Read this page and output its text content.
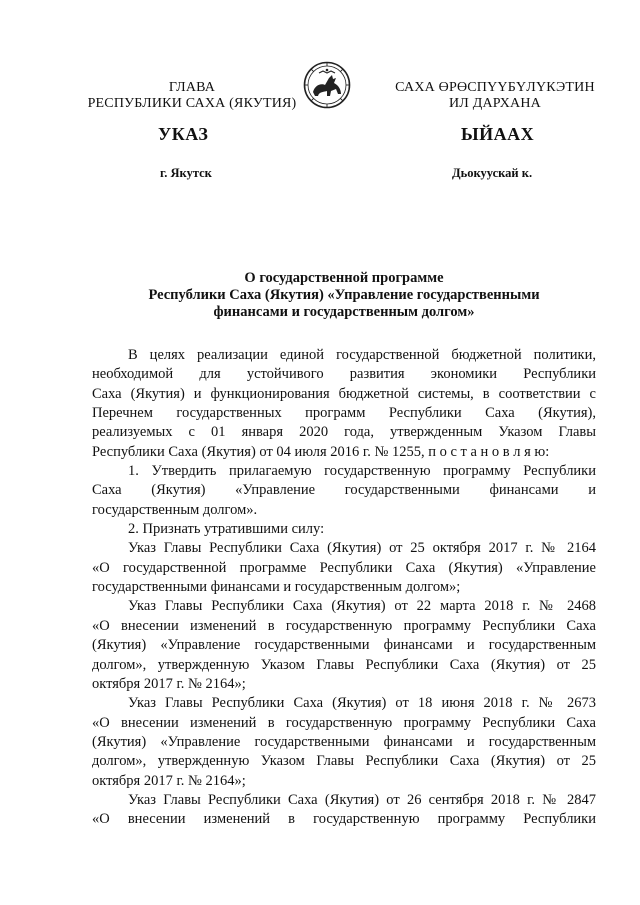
ГЛАВА
РЕСПУБЛИКИ САХА (ЯКУТИЯ)
САХА ӨРӨСПҮҮБҮЛҮКЭТИН
ИЛ ДАРХАНА
УКАЗ	ЫЙААХ
г. Якутск	Дьокуускай к.
О государственной программе
Республики Саха (Якутия) «Управление государственными
финансами и государственным долгом»
В целях реализации единой государственной бюджетной политики,
необходимой для устойчивого развития экономики Республики
Саха (Якутия) и функционирования бюджетной системы, в соответствии с
Перечнем государственных программ Республики Саха (Якутия),
реализуемых с 01 января 2020 года, утвержденным Указом Главы
Республики Саха (Якутия) от 04 июля 2016 г. № 1255, п о с т а н о в л я ю:
1. Утвердить прилагаемую государственную программу Республики
Саха (Якутия) «Управление государственными финансами и
государственным долгом».
2. Признать утратившими силу:
Указ Главы Республики Саха (Якутия) от 25 октября 2017 г. № 2164
«О государственной программе Республики Саха (Якутия) «Управление
государственными финансами и государственным долгом»;
Указ Главы Республики Саха (Якутия) от 22 марта 2018 г. № 2468
«О внесении изменений в государственную программу Республики Саха
(Якутия) «Управление государственными финансами и государственным
долгом», утвержденную Указом Главы Республики Саха (Якутия) от 25
октября 2017 г. № 2164»;
Указ Главы Республики Саха (Якутия) от 18 июня 2018 г. № 2673
«О внесении изменений в государственную программу Республики Саха
(Якутия) «Управление государственными финансами и государственным
долгом», утвержденную Указом Главы Республики Саха (Якутия) от 25
октября 2017 г. № 2164»;
Указ Главы Республики Саха (Якутия) от 26 сентября 2018 г. № 2847
«О внесении изменений в государственную программу Республики
